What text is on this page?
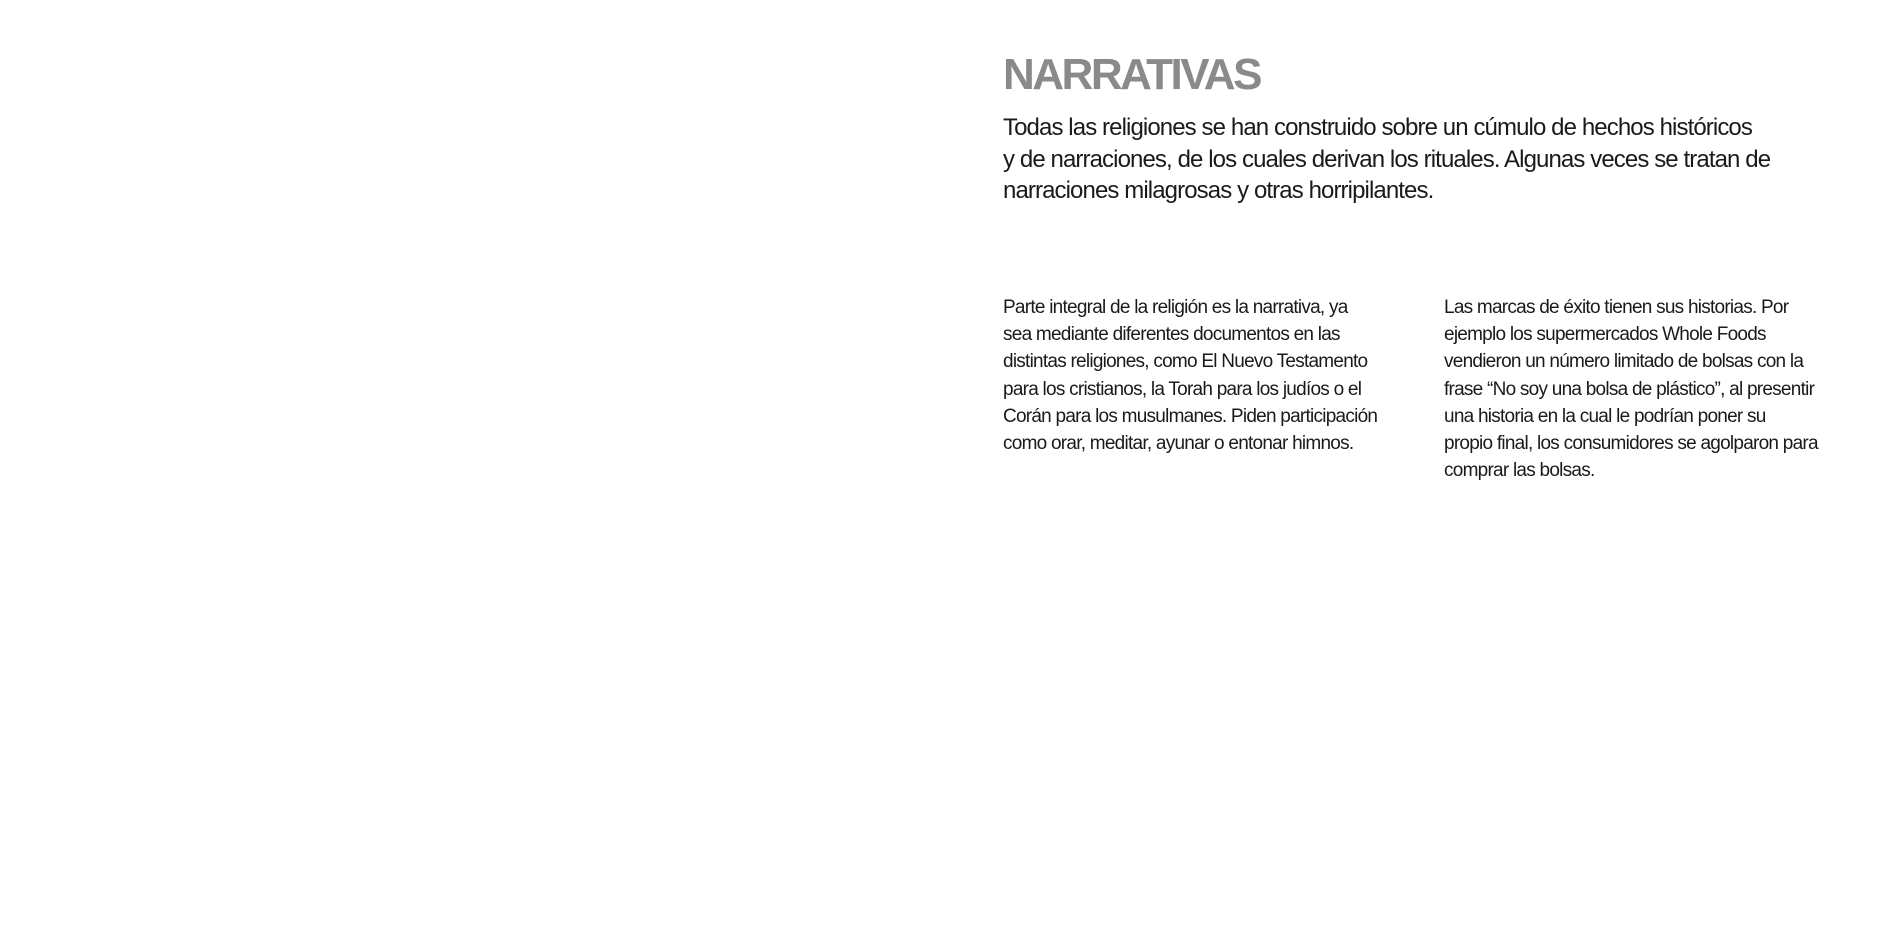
NARRATIVAS
Todas las religiones se han construido sobre un cúmulo de hechos históricos
y de narraciones, de los cuales derivan los rituales. Algunas veces se tratan de
narraciones milagrosas y otras horripilantes.
Parte integral de la religión es la narrativa, ya
sea mediante diferentes documentos en las
distintas religiones, como El Nuevo Testamento
para los cristianos, la Torah para los judíos o el
Corán para los musulmanes. Piden participación
como orar, meditar, ayunar o entonar himnos.
Las marcas de éxito tienen sus historias. Por
ejemplo los supermercados Whole Foods
vendieron un número limitado de bolsas con la
frase “No soy una bolsa de plástico”, al presentir
una historia en la cual le podrían poner su
propio final, los consumidores se agolparon para
comprar las bolsas.
